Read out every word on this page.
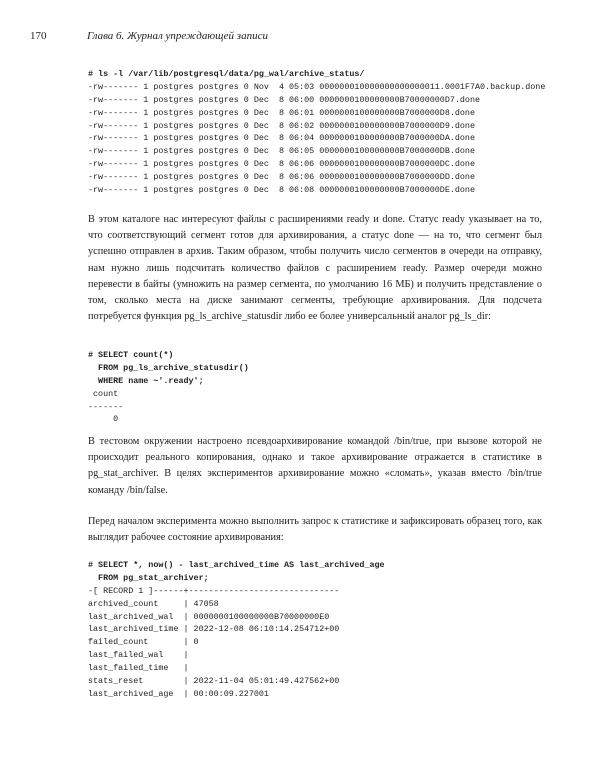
170	Глава 6. Журнал упреждающей записи
# ls -l /var/lib/postgresql/data/pg_wal/archive_status/
-rw------- 1 postgres postgres 0 Nov  4 05:03 000000010000000000000011.0001F7A0.backup.done
-rw------- 1 postgres postgres 0 Dec  8 06:00 0000000100000000B70000000D7.done
-rw------- 1 postgres postgres 0 Dec  8 06:01 0000000100000000B7000000D8.done
-rw------- 1 postgres postgres 0 Dec  8 06:02 0000000100000000B7000000D9.done
-rw------- 1 postgres postgres 0 Dec  8 06:04 0000000100000000B7000000DA.done
-rw------- 1 postgres postgres 0 Dec  8 06:05 0000000100000000B7000000DB.done
-rw------- 1 postgres postgres 0 Dec  8 06:06 0000000100000000B7000000DC.done
-rw------- 1 postgres postgres 0 Dec  8 06:06 0000000100000000B7000000DD.done
-rw------- 1 postgres postgres 0 Dec  8 06:08 0000000100000000B7000000DE.done

В этом каталоге нас интересуют файлы с расширениями ready и done. Статус ready указывает на то, что соответствующий сегмент готов для архивирования, а статус done — на то, что сегмент был успешно отправлен в архив. Таким образом, чтобы получить число сегментов в очереди на отправку, нам нужно лишь подсчитать количество файлов с расширением ready. Размер очереди можно перевести в байты (умножить на размер сегмента, по умолчанию 16 МБ) и получить представление о том, сколько места на диске занимают сегменты, требующие архивирования. Для подсчета потребуется функция pg_ls_archive_statusdir либо ее более универсальный аналог pg_ls_dir:

# SELECT count(*)
FROM pg_ls_archive_statusdir()
WHERE name ~'.ready';
count
-------
0

В тестовом окружении настроено псевдоархивирование командой /bin/true, при вызове которой не происходит реального копирования, однако и такое архивирование отражается в статистике в pg_stat_archiver. В целях экспериментов архивирование можно «сломать», указав вместо /bin/true команду /bin/false.

Перед началом эксперимента можно выполнить запрос к статистике и зафиксировать образец того, как выглядит рабочее состояние архивирования:

# SELECT *, now() - last_archived_time AS last_archived_age
FROM pg_stat_archiver;
-[ RECORD 1 ]------+------------------------------
archived_count     | 47058
last_archived_wal  | 0000000100000000B70000000E0
last_archived_time | 2022-12-08 06:10:14.254712+00
failed_count       | 0
last_failed_wal    |
last_failed_time   |
stats_reset        | 2022-11-04 05:01:49.427562+00
last_archived_age  | 00:00:09.227001
